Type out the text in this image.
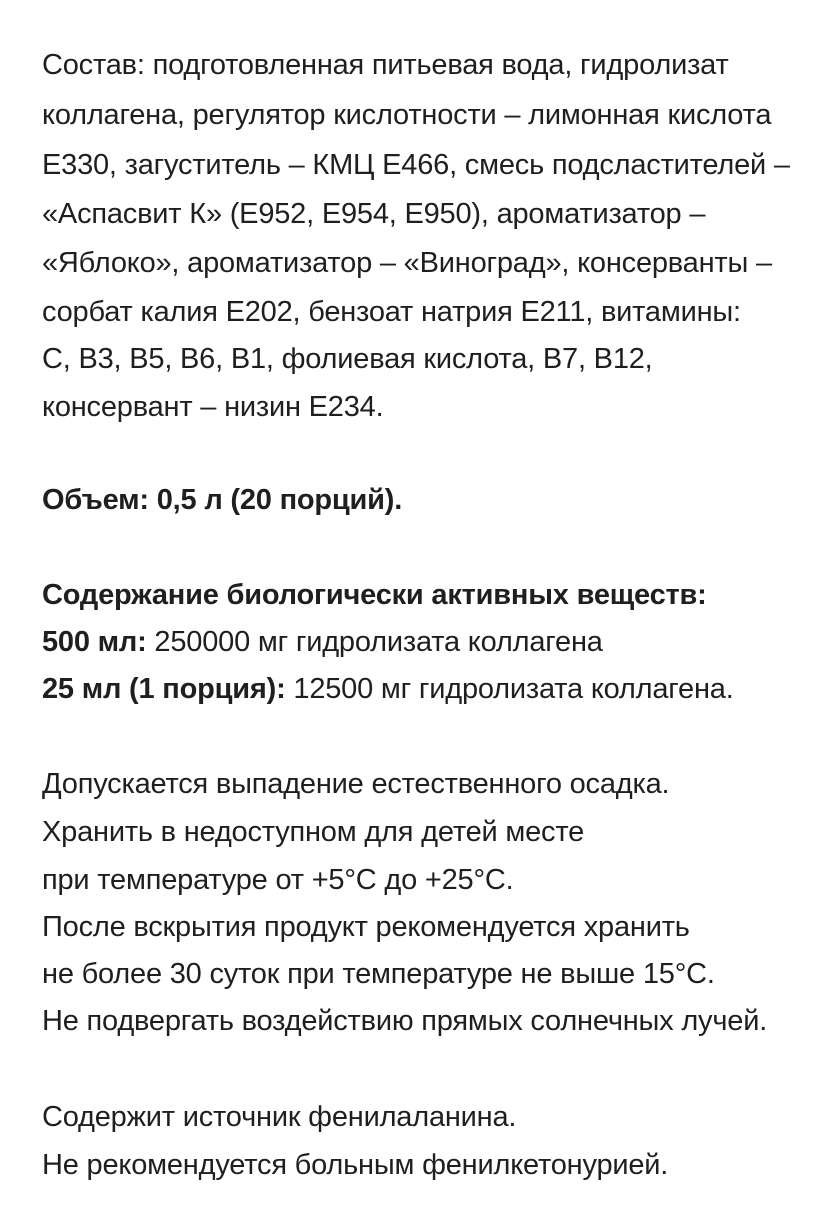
Состав: подготовленная питьевая вода, гидролизат
коллагена, регулятор кислотности – лимонная кислота
Е330, загуститель – КМЦ Е466, смесь подсластителей –
«Аспасвит К» (Е952, Е954, Е950), ароматизатор –
«Яблоко», ароматизатор – «Виноград», консерванты –
сорбат калия Е202, бензоат натрия Е211, витамины:
С, В3, В5, В6, В1, фолиевая кислота, В7, В12,
консервант – низин Е234.
Объем: 0,5 л (20 порций).
Содержание биологически активных веществ:
500 мл: 250000 мг гидролизата коллагена
25 мл (1 порция): 12500 мг гидролизата коллагена.
Допускается выпадение естественного осадка.
Хранить в недоступном для детей месте
при температуре от +5°С до +25°С.
После вскрытия продукт рекомендуется хранить
не более 30 суток при температуре не выше 15°С.
Не подвергать воздействию прямых солнечных лучей.
Содержит источник фенилаланина.
Не рекомендуется больным фенилкетонурией.
